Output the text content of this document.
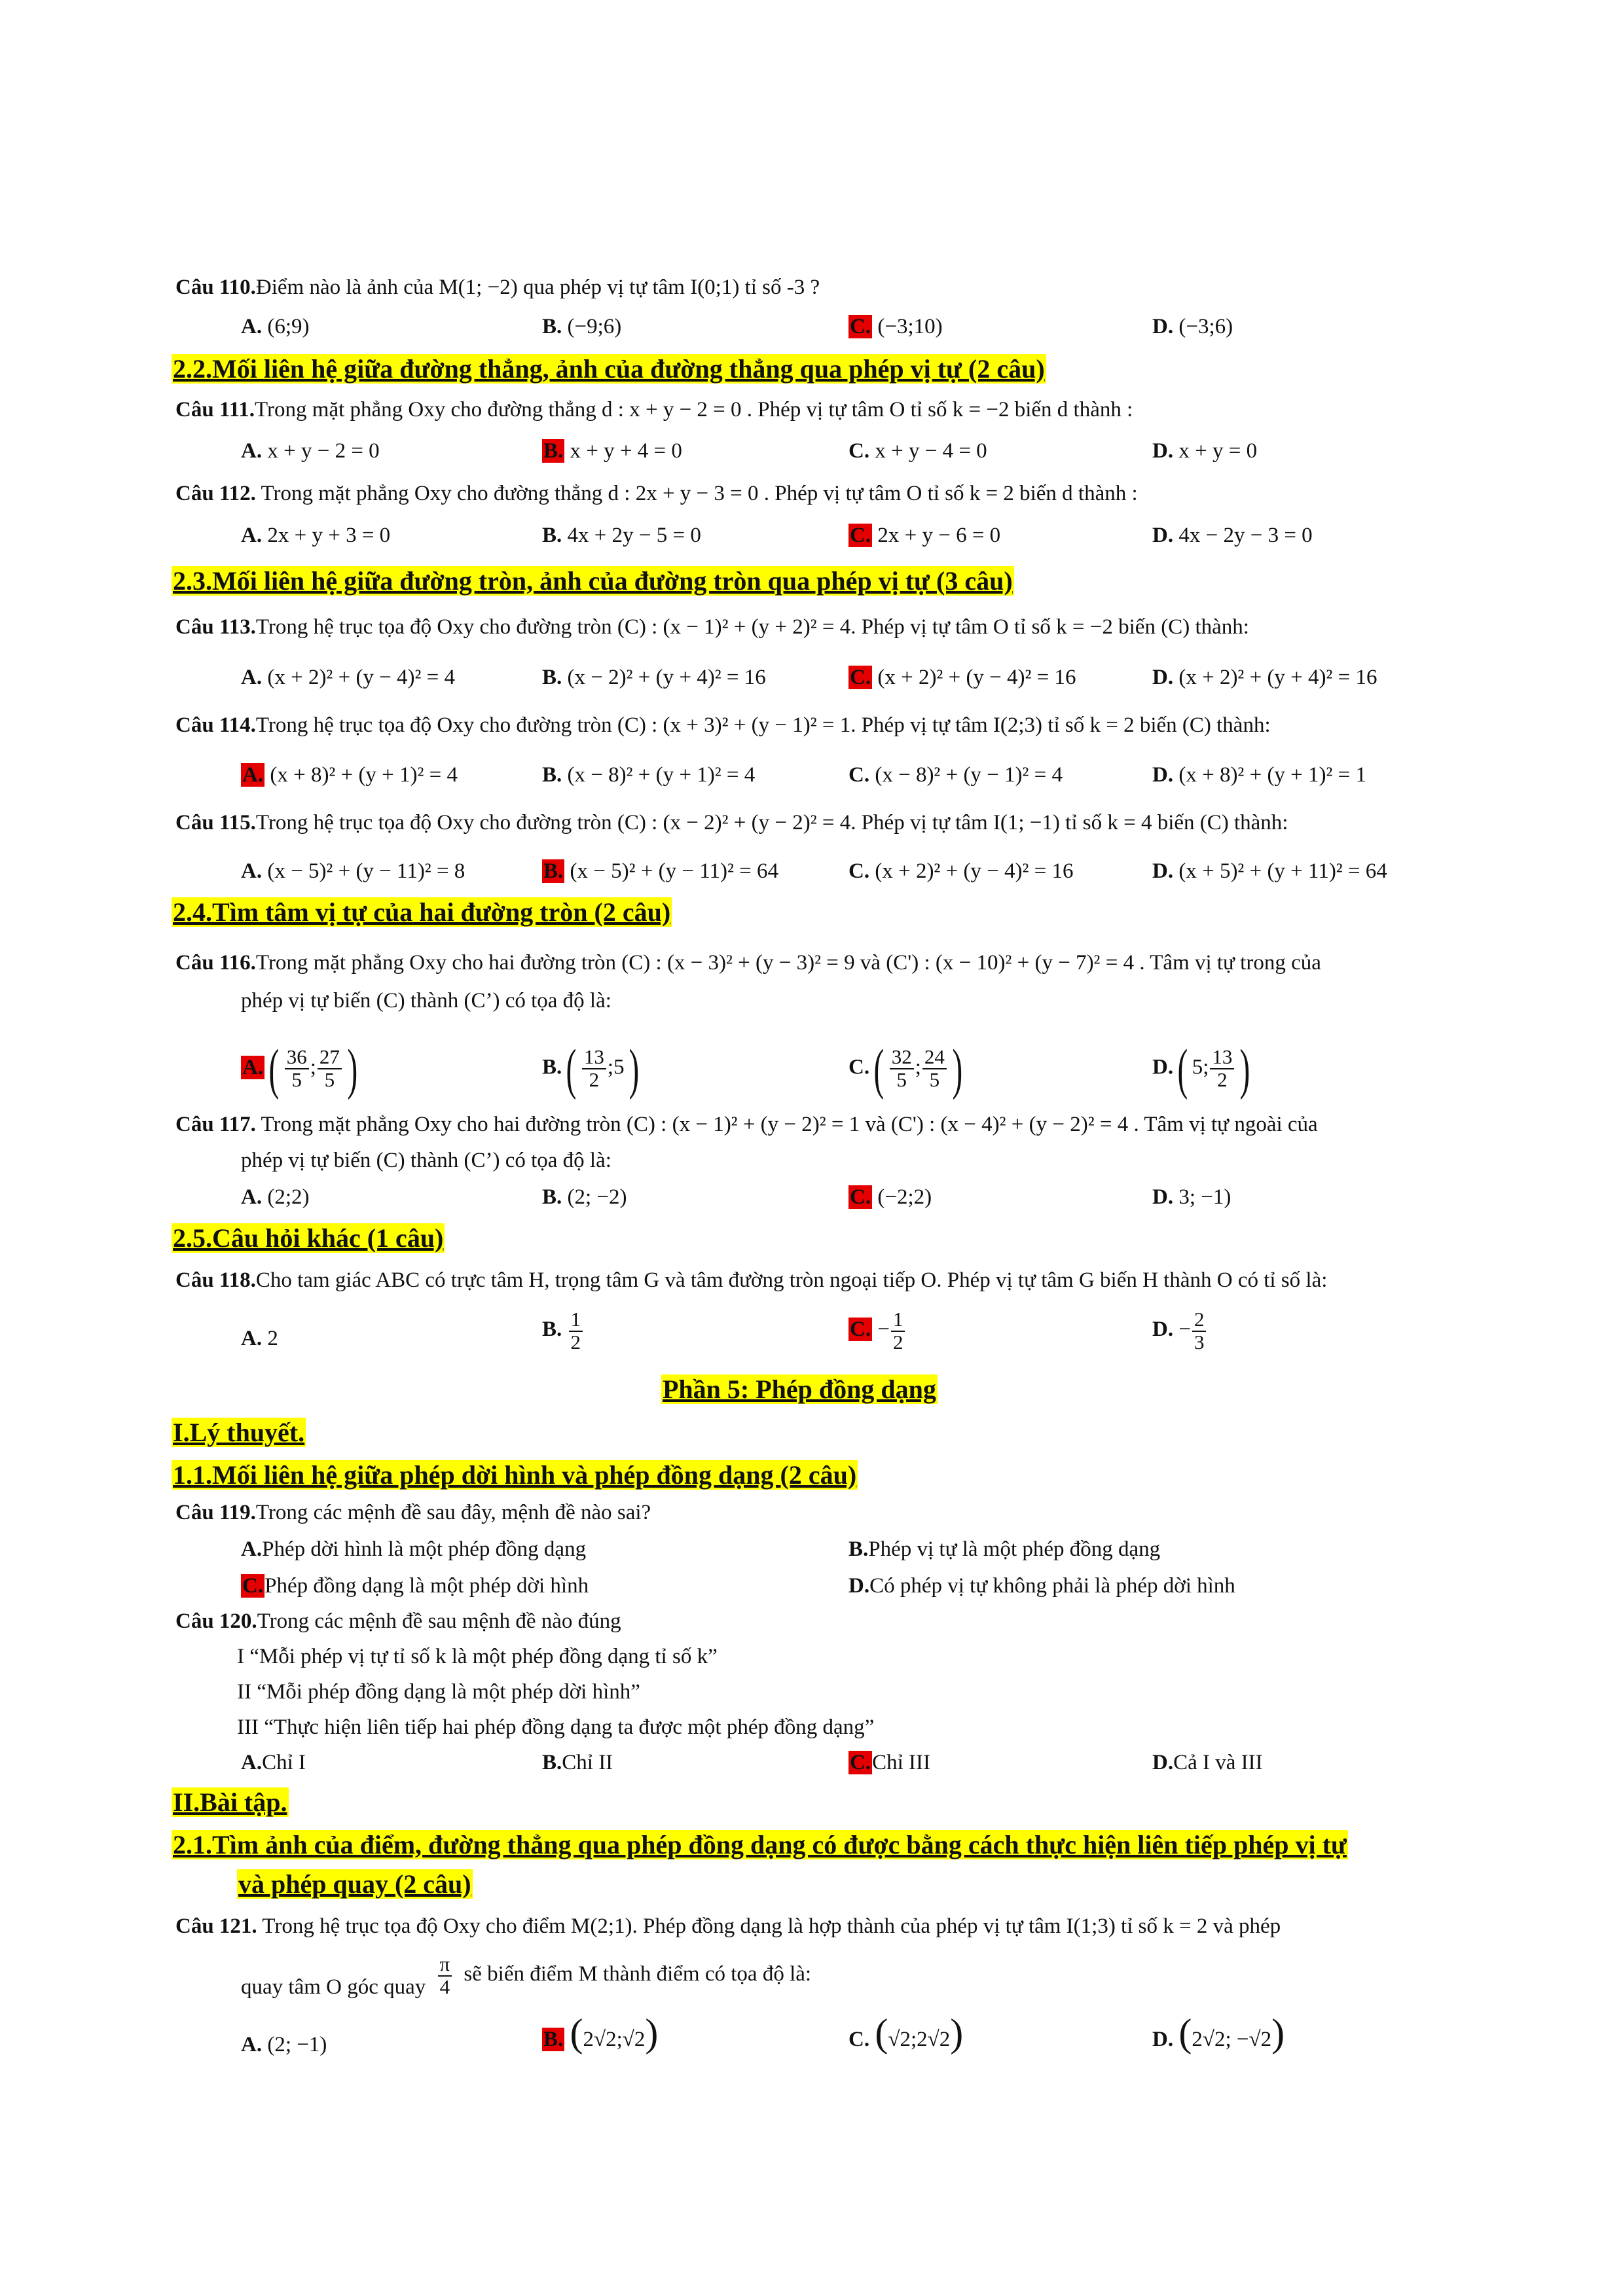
Câu 110.Điểm nào là ảnh của M(1; −2) qua phép vị tự tâm I(0;1) tỉ số -3 ?
A. (6;9)	B. (−9;6)	C. (−3;10)	D. (−3;6)
2.2.Mối liên hệ giữa đường thẳng, ảnh của đường thẳng qua phép vị tự (2 câu)
Câu 111.Trong mặt phẳng Oxy cho đường thẳng d : x + y − 2 = 0 . Phép vị tự tâm O tỉ số k = −2 biến d thành :
A. x + y − 2 = 0	B. x + y + 4 = 0	C. x + y − 4 = 0	D. x + y = 0
Câu 112. Trong mặt phẳng Oxy cho đường thẳng d : 2x + y − 3 = 0 . Phép vị tự tâm O tỉ số k = 2 biến d thành :
A. 2x + y + 3 = 0	B. 4x + 2y − 5 = 0	C. 2x + y − 6 = 0	D. 4x − 2y − 3 = 0
2.3.Mối liên hệ giữa đường tròn, ảnh của đường tròn qua phép vị tự (3 câu)
Câu 113.Trong hệ trục tọa độ Oxy cho đường tròn (C) : (x − 1)² + (y + 2)² = 4. Phép vị tự tâm O tỉ số k = −2 biến (C) thành:
A. (x + 2)² + (y − 4)² = 4	B. (x − 2)² + (y + 4)² = 16	C. (x + 2)² + (y − 4)² = 16	D. (x + 2)² + (y + 4)² = 16
Câu 114.Trong hệ trục tọa độ Oxy cho đường tròn (C) : (x + 3)² + (y − 1)² = 1. Phép vị tự tâm I(2;3) tỉ số k = 2 biến (C) thành:
A. (x + 8)² + (y + 1)² = 4	B. (x − 8)² + (y + 1)² = 4	C. (x − 8)² + (y − 1)² = 4	D. (x + 8)² + (y + 1)² = 1
Câu 115.Trong hệ trục tọa độ Oxy cho đường tròn (C) : (x − 2)² + (y − 2)² = 4. Phép vị tự tâm I(1; −1) tỉ số k = 4 biến (C) thành:
A. (x − 5)² + (y − 11)² = 8	B. (x − 5)² + (y − 11)² = 64	C. (x + 2)² + (y − 4)² = 16	D. (x + 5)² + (y + 11)² = 64
2.4.Tìm tâm vị tự của hai đường tròn (2 câu)
Câu 116.Trong mặt phẳng Oxy cho hai đường tròn (C) : (x − 3)² + (y − 3)² = 9 và (C') : (x − 10)² + (y − 7)² = 4 . Tâm vị tự trong của
phép vị tự biến (C) thành (C’) có tọa độ là:
$A.( \frac{36}{5}$ ; $\frac{27}{5}$ )	$B.( \frac{13}{2}$ ;5)	$C.( \frac{32}{5}$ ; $\frac{24}{5}$ )	D.( 5; $\frac{13}{2}$ )
Câu 117. Trong mặt phẳng Oxy cho hai đường tròn (C) : (x − 1)² + (y − 2)² = 1 và (C') : (x − 4)² + (y − 2)² = 4 . Tâm vị tự ngoài của
phép vị tự biến (C) thành (C’) có tọa độ là:
A. (2;2)	B. (2; −2)	C. (−2;2)	D. 3; −1)
2.5.Câu hỏi khác (1 câu)
Câu 118.Cho tam giác ABC có trực tâm H, trọng tâm G và tâm đường tròn ngoại tiếp O. Phép vị tự tâm G biến H thành O có tỉ số là:
A. 2	B. $\frac{1}{2}$	C. − $\frac{1}{2}$	D. − $\frac{2}{3}$
Phần 5: Phép đồng dạng
I.Lý thuyết.
1.1.Mối liên hệ giữa phép dời hình và phép đồng dạng (2 câu)
Câu 119.Trong các mệnh đề sau đây, mệnh đề nào sai?
A.Phép dời hình là một phép đồng dạng	B.Phép vị tự là một phép đồng dạng
C.Phép đồng dạng là một phép dời hình	D.Có phép vị tự không phải là phép dời hình
Câu 120.Trong các mệnh đề sau mệnh đề nào đúng
I “Mỗi phép vị tự tỉ số k là một phép đồng dạng tỉ số k”
II “Mỗi phép đồng dạng là một phép dời hình”
III “Thực hiện liên tiếp hai phép đồng dạng ta được một phép đồng dạng”
A.Chỉ I	B.Chỉ II	C.Chỉ III	D.Cả I và III
II.Bài tập.
2.1.Tìm ảnh của điểm, đường thẳng qua phép đồng dạng có được bằng cách thực hiện liên tiếp phép vị tự
và phép quay (2 câu)
Câu 121. Trong hệ trục tọa độ Oxy cho điểm M(2;1). Phép đồng dạng là hợp thành của phép vị tự tâm I(1;3) tỉ số k = 2 và phép
quay tâm O góc quay $\frac{\pi}{4}$ sẽ biến điểm M thành điểm có tọa độ là:
A. (2; −1)	B. (2√2;√2)	C. (√2;2√2)	D. (2√2; −√2)
